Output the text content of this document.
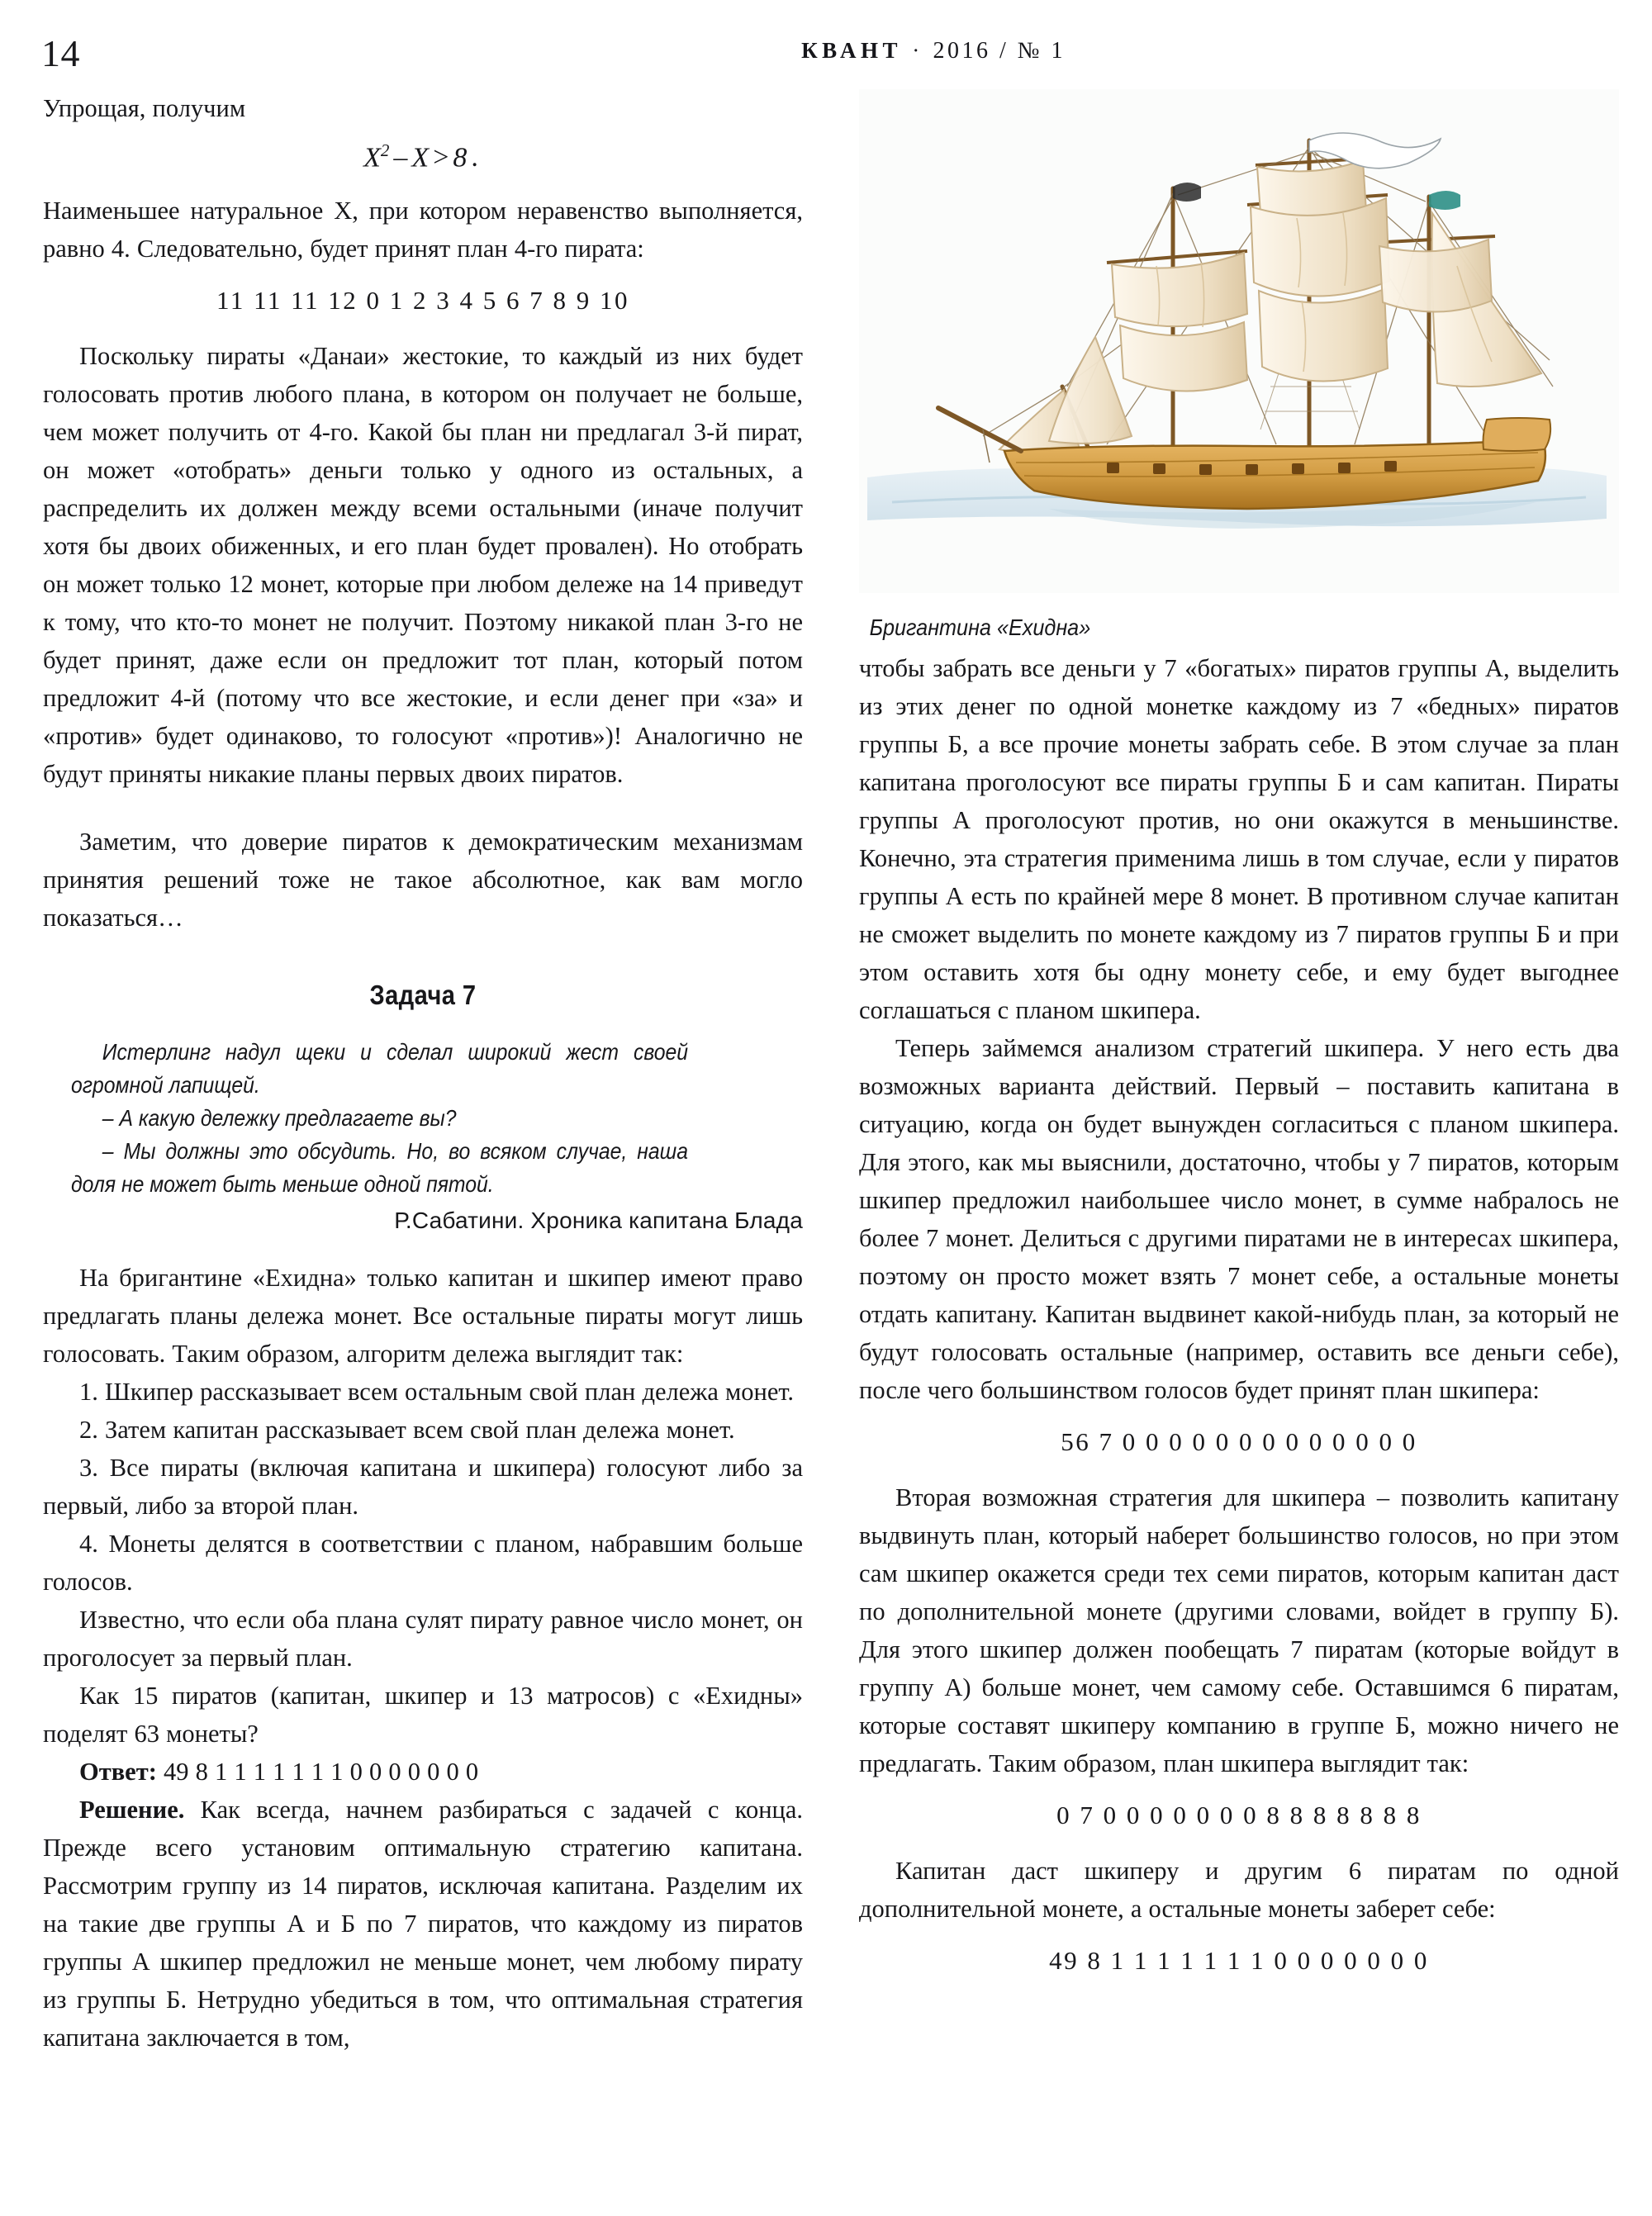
14	КВАНТ · 2016 / № 1

Упрощая, получим

$X^2 - X > 8$ .

Наименьшее натуральное X, при котором неравенство выполняется, равно 4. Следовательно, будет принят план 4-го пирата:

11 11 11 12 0 1 2 3 4 5 6 7 8 9 10

Поскольку пираты «Данаи» жестокие, то каждый из них будет голосовать против любого плана, в котором он получает не больше, чем может получить от 4-го. Какой бы план ни предлагал 3-й пират, он может «отобрать» деньги только у одного из остальных, а распределить их должен между всеми остальными (иначе получит хотя бы двоих обиженных, и его план будет провален). Но отобрать он может только 12 монет, которые при любом дележе на 14 приведут к тому, что кто-то монет не получит. Поэтому никакой план 3-го не будет принят, даже если он предложит тот план, который потом предложит 4-й (потому что все жестокие, и если денег при «за» и «против» будет одинаково, то голосуют «против»)! Аналогично не будут приняты никакие планы первых двоих пиратов.

Заметим, что доверие пиратов к демократическим механизмам принятия решений тоже не такое абсолютное, как вам могло показаться…

Задача 7

Истерлинг надул щеки и сделал широкий жест своей огромной лапищей.

– А какую дележку предлагаете вы?

– Мы должны это обсудить. Но, во всяком случае, наша доля не может быть меньше одной пятой.

Р.Сабатини. Хроника капитана Блада

На бригантине «Ехидна» только капитан и шкипер имеют право предлагать планы дележа монет. Все остальные пираты могут лишь голосовать. Таким образом, алгоритм дележа выглядит так:

1. Шкипер рассказывает всем остальным свой план дележа монет.

2. Затем капитан рассказывает всем свой план дележа монет.

3. Все пираты (включая капитана и шкипера) голосуют либо за первый, либо за второй план.

4. Монеты делятся в соответствии с планом, набравшим больше голосов.

Известно, что если оба плана сулят пирату равное число монет, он проголосует за первый план.

Как 15 пиратов (капитан, шкипер и 13 матросов) с «Ехидны» поделят 63 монеты?

Ответ: 49 8 1 1 1 1 1 1 1 0 0 0 0 0 0 0

Решение. Как всегда, начнем разбираться с задачей с конца. Прежде всего установим оптимальную стратегию капитана. Рассмотрим группу из 14 пиратов, исключая капитана. Разделим их на такие две группы А и Б по 7 пиратов, что каждому из пиратов группы А шкипер предложил не меньше монет, чем любому пирату из группы Б. Нетрудно убедиться в том, что оптимальная стратегия капитана заключается в том,

Бригантина «Ехидна»

чтобы забрать все деньги у 7 «богатых» пиратов группы А, выделить из этих денег по одной монетке каждому из 7 «бедных» пиратов группы Б, а все прочие монеты забрать себе. В этом случае за план капитана проголосуют все пираты группы Б и сам капитан. Пираты группы А проголосуют против, но они окажутся в меньшинстве. Конечно, эта стратегия применима лишь в том случае, если у пиратов группы А есть по крайней мере 8 монет. В противном случае капитан не сможет выделить по монете каждому из 7 пиратов группы Б и при этом оставить хотя бы одну монету себе, и ему будет выгоднее соглашаться с планом шкипера.

Теперь займемся анализом стратегий шкипера. У него есть два возможных варианта действий. Первый – поставить капитана в ситуацию, когда он будет вынужден согласиться с планом шкипера. Для этого, как мы выяснили, достаточно, чтобы у 7 пиратов, которым шкипер предложил наибольшее число монет, в сумме набралось не более 7 монет. Делиться с другими пиратами не в интересах шкипера, поэтому он просто может взять 7 монет себе, а остальные монеты отдать капитану. Капитан выдвинет какой-нибудь план, за который не будут голосовать остальные (например, оставить все деньги себе), после чего большинством голосов будет принят план шкипера:

56 7 0 0 0 0 0 0 0 0 0 0 0 0 0

Вторая возможная стратегия для шкипера – позволить капитану выдвинуть план, который наберет большинство голосов, но при этом сам шкипер окажется среди тех семи пиратов, которым капитан даст по дополнительной монете (другими словами, войдет в группу Б). Для этого шкипер должен пообещать 7 пиратам (которые войдут в группу А) больше монет, чем самому себе. Оставшимся 6 пиратам, которые составят шкиперу компанию в группе Б, можно ничего не предлагать. Таким образом, план шкипера выглядит так:

0 7 0 0 0 0 0 0 0 8 8 8 8 8 8 8

Капитан даст шкиперу и другим 6 пиратам по одной дополнительной монете, а остальные монеты заберет себе:

49 8 1 1 1 1 1 1 1 0 0 0 0 0 0 0
